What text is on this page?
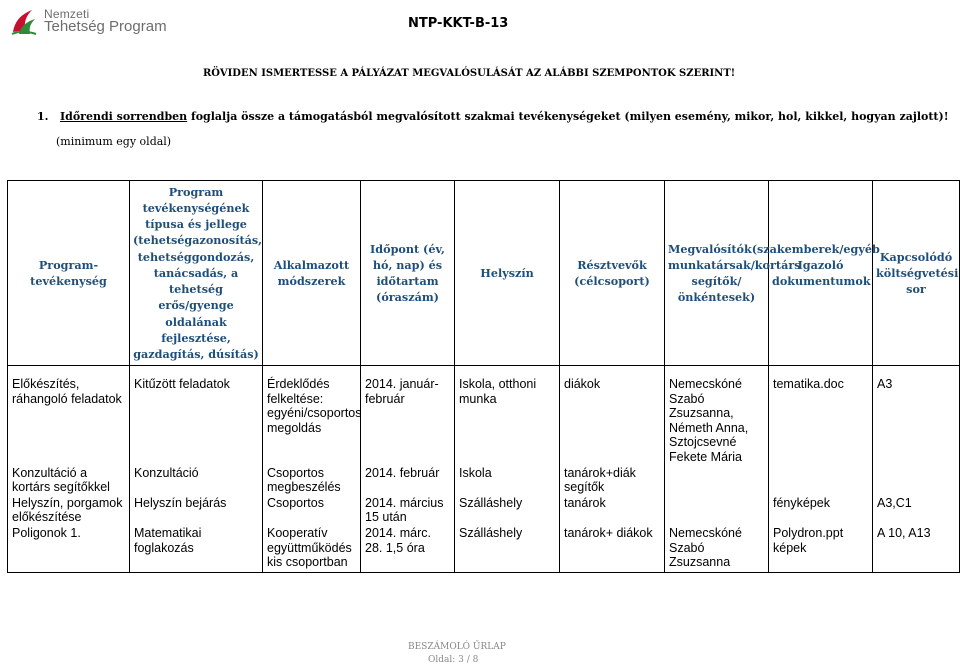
Nemzeti
Tehetség Program	NTP-KKT-B-13
RÖVIDEN ISMERTESSE A PÁLYÁZAT MEGVALÓSULÁSÁT AZ ALÁBBI SZEMPONTOK SZERINT!
1. Időrendi sorrendben foglalja össze a támogatásból megvalósított szakmai tevékenységeket (milyen esemény, mikor, hol, kikkel, hogyan zajlott)!
(minimum egy oldal)
Program-tevékenység	Program tevékenységének típusa és jellege (tehetségazonosítás, tehetséggondozás, tanácsadás, a tehetség erős/gyenge oldalának fejlesztése, gazdagítás, dúsítás)	Alkalmazott módszerek	Időpont (év, hó, nap) és időtartam (óraszám)	Helyszín	Résztvevők (célcsoport)	Megvalósítók(szakemberek/egyéb munkatársak/kortárs segítők/önkéntesek)	Igazoló dokumentumok	Kapcsolódó költségvetési sor
Előkészítés, ráhangoló feladatok	Kitűzött feladatok	Érdeklődés felkeltése: egyéni/csoportos megoldás	2014. január-február	Iskola, otthoni munka	diákok	Nemecskóné Szabó Zsuzsanna, Németh Anna, Sztojcsevné Fekete Mária	tematika.doc	A3
Konzultáció a kortárs segítőkkel	Konzultáció	Csoportos megbeszélés	2014. február	Iskola	tanárok+diák segítők			
Helyszín, porgamok előkészítése	Helyszín bejárás	Csoportos	2014. március 15 után	Szálláshely	tanárok		fényképek	A3,C1
Poligonok 1.	Matematikai foglakozás	Kooperatív együttműködés kis csoportban	2014. márc. 28. 1,5 óra	Szálláshely	tanárok+ diákok	Nemecskóné Szabó Zsuzsanna	Polydron.ppt képek	A 10, A13
BESZÁMOLÓ ŰRLAP
Oldal: 3 / 8
